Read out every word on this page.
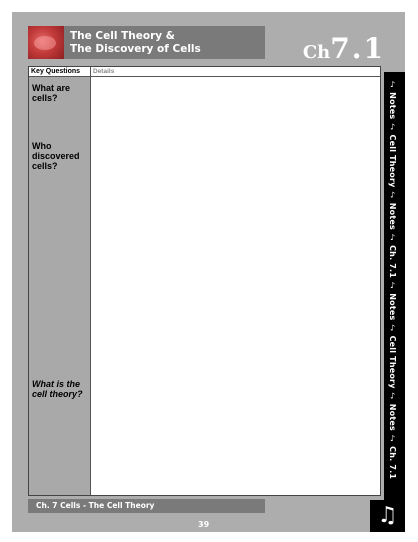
The Cell Theory &
The Discovery of Cells	Ch7.1
Key Questions	Details
What are cells?
Who discovered cells?
What is the cell theory?	♪ Notes ♪ Cell Theory ♪ Notes ♪ Ch. 7.1 ♪ Notes ♪ Cell Theory ♪ Notes ♪ Ch. 7.1
Ch. 7 Cells - The Cell Theory
39	♫
